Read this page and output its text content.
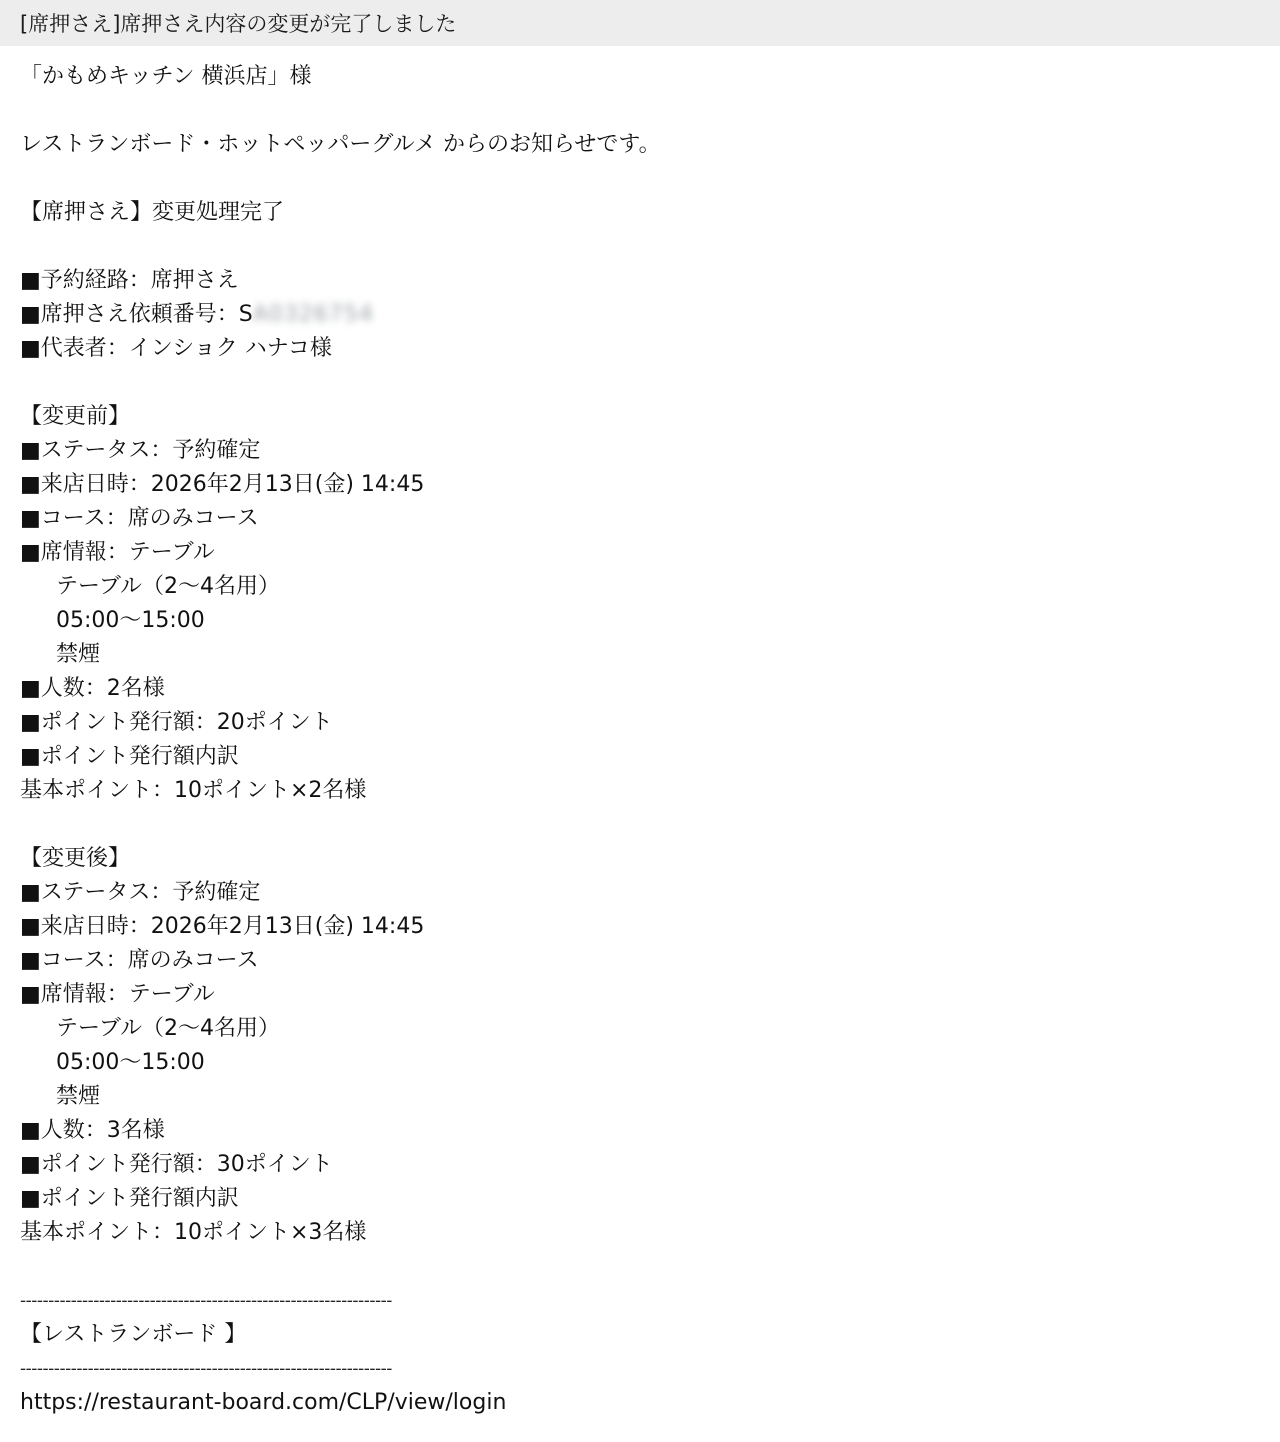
[席押さえ]席押さえ内容の変更が完了しました
「かもめキッチン 横浜店」様
レストランボード・ホットペッパーグルメ からのお知らせです。
【席押さえ】変更処理完了
■予約経路：席押さえ
■席押さえ依頼番号：SA0326754
■代表者：インショク ハナコ様
【変更前】
■ステータス：予約確定
■来店日時：2026年2月13日(金) 14:45
■コース：席のみコース
■席情報：テーブル
テーブル（2〜4名用）
05:00〜15:00
禁煙
■人数：2名様
■ポイント発行額：20ポイント
■ポイント発行額内訳
基本ポイント：10ポイント×2名様
【変更後】
■ステータス：予約確定
■来店日時：2026年2月13日(金) 14:45
■コース：席のみコース
■席情報：テーブル
テーブル（2〜4名用）
05:00〜15:00
禁煙
■人数：3名様
■ポイント発行額：30ポイント
■ポイント発行額内訳
基本ポイント：10ポイント×3名様
------------------------------------------------------------------
【レストランボード 】
------------------------------------------------------------------
https://restaurant-board.com/CLP/view/login
